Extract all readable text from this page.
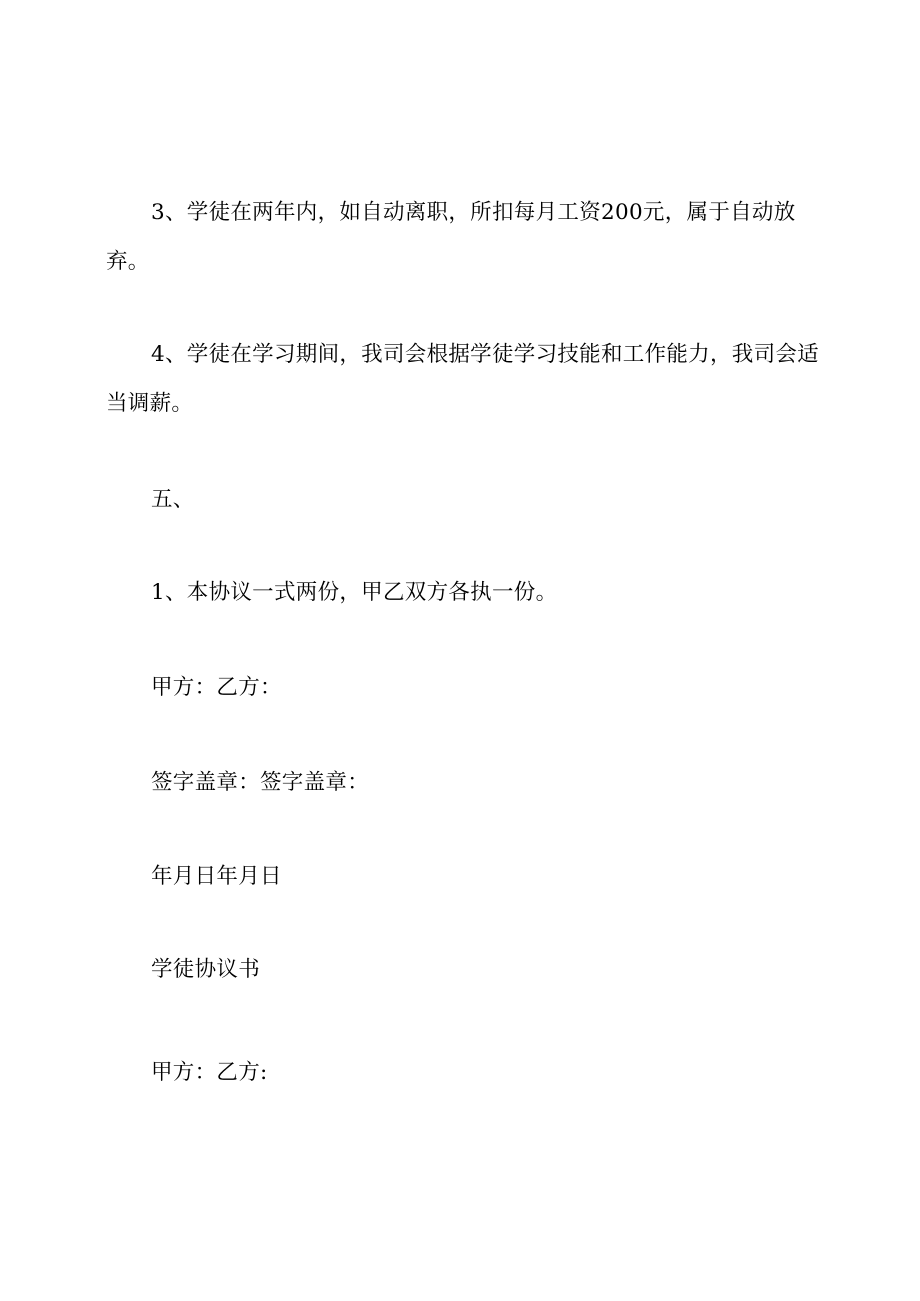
3、学徒在两年内，如自动离职，所扣每月工资200元，属于自动放弃。

4、学徒在学习期间，我司会根据学徒学习技能和工作能力，我司会适当调薪。

五、

1、本协议一式两份，甲乙双方各执一份。

甲方：乙方：

签字盖章：签字盖章：

年月日年月日

学徒协议书

甲方：乙方:
